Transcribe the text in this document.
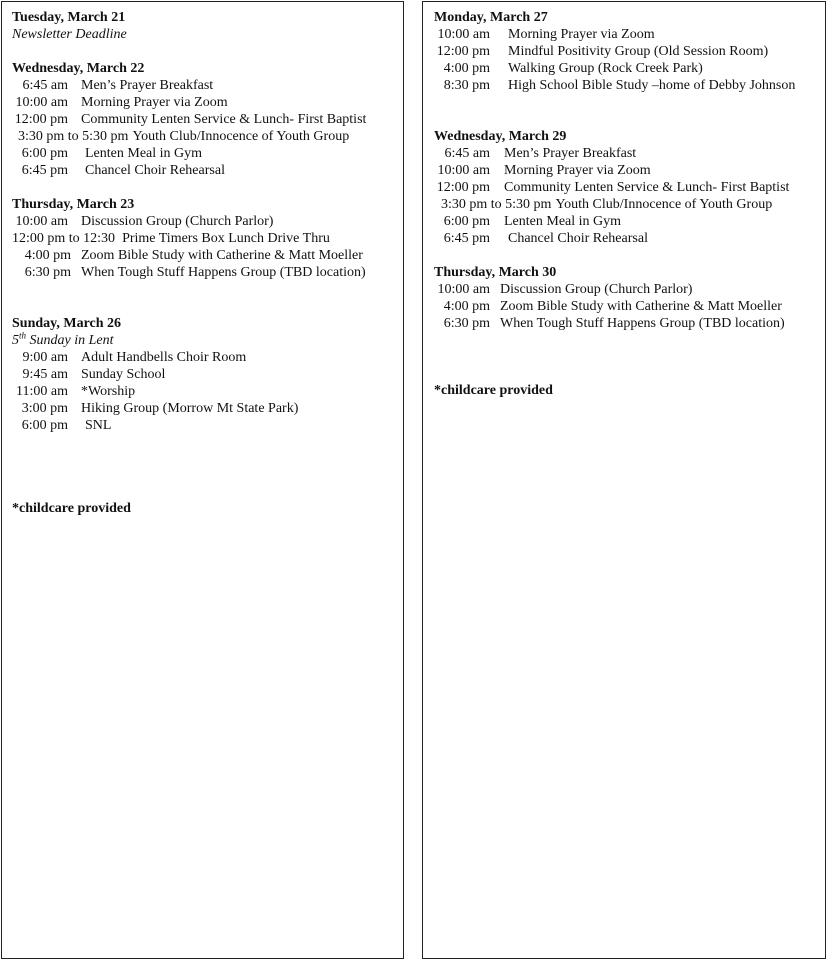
Tuesday, March 21
Newsletter Deadline
Wednesday, March 22
6:45 am Men’s Prayer Breakfast
10:00 am Morning Prayer via Zoom
12:00 pm Community Lenten Service & Lunch- First Baptist
3:30 pm to 5:30 pm Youth Club/Innocence of Youth Group
6:00 pm Lenten Meal in Gym
6:45 pm Chancel Choir Rehearsal
Thursday, March 23
10:00 am Discussion Group (Church Parlor)
12:00 pm to 12:30 Prime Timers Box Lunch Drive Thru
4:00 pm Zoom Bible Study with Catherine & Matt Moeller
6:30 pm When Tough Stuff Happens Group (TBD location)
Sunday, March 26
5th Sunday in Lent
9:00 am Adult Handbells Choir Room
9:45 am Sunday School
11:00 am *Worship
3:00 pm Hiking Group (Morrow Mt State Park)
6:00 pm SNL
*childcare provided
Monday, March 27
10:00 am Morning Prayer via Zoom
12:00 pm Mindful Positivity Group (Old Session Room)
4:00 pm Walking Group (Rock Creek Park)
8:30 pm High School Bible Study –home of Debby Johnson
Wednesday, March 29
6:45 am Men’s Prayer Breakfast
10:00 am Morning Prayer via Zoom
12:00 pm Community Lenten Service & Lunch- First Baptist
3:30 pm to 5:30 pm Youth Club/Innocence of Youth Group
6:00 pm Lenten Meal in Gym
6:45 pm Chancel Choir Rehearsal
Thursday, March 30
10:00 am Discussion Group (Church Parlor)
4:00 pm Zoom Bible Study with Catherine & Matt Moeller
6:30 pm When Tough Stuff Happens Group (TBD location)
*childcare provided
